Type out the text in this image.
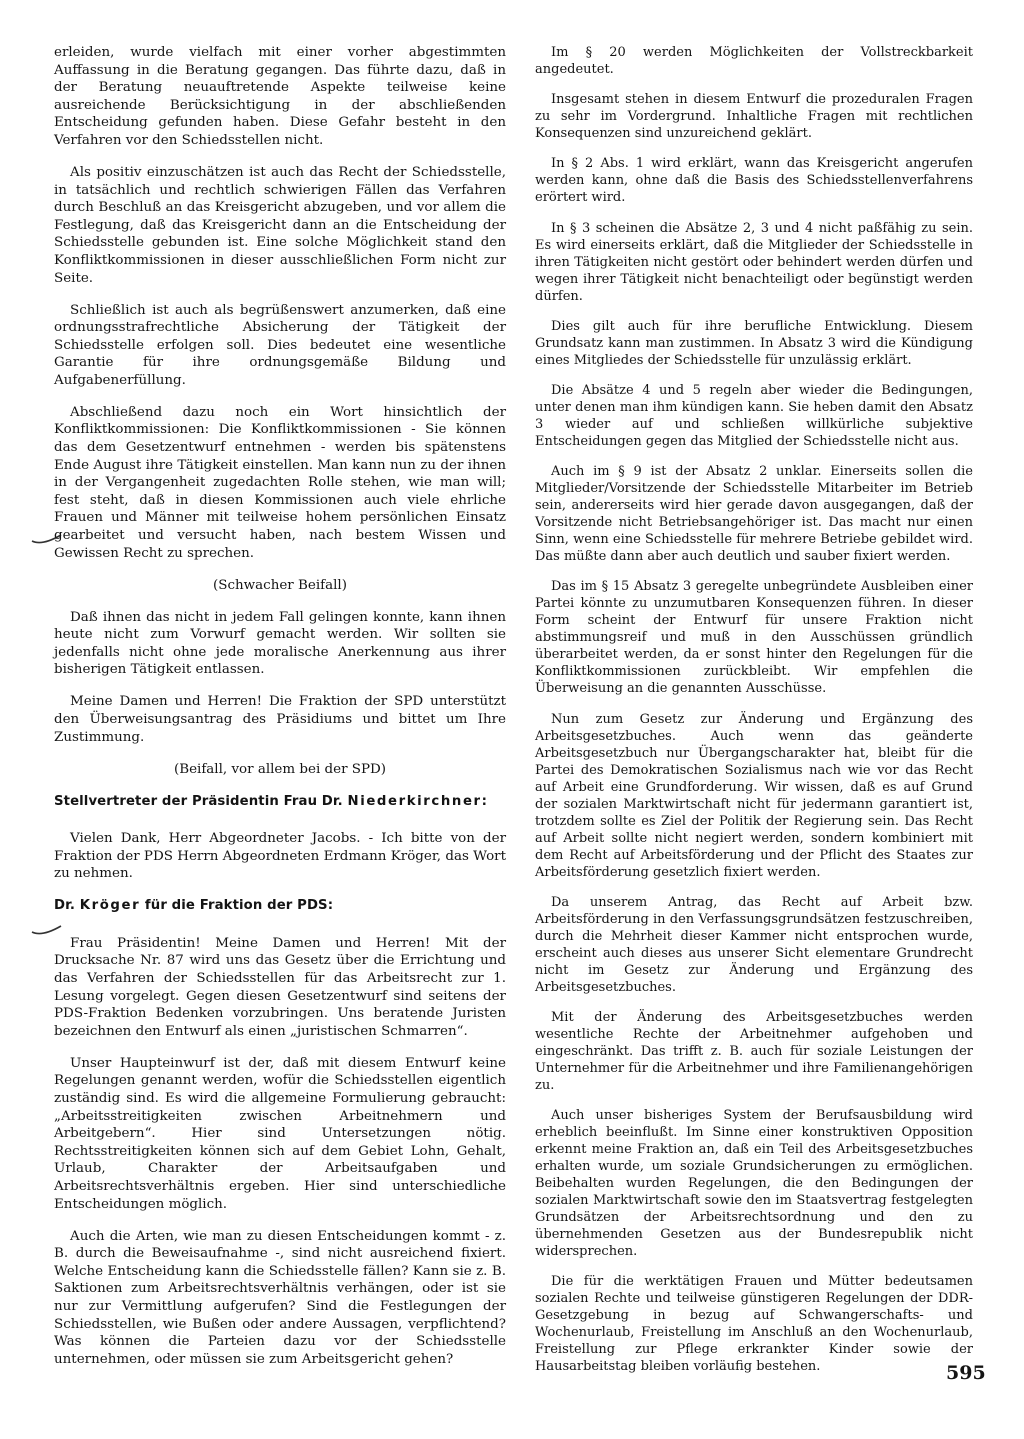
erleiden, wurde vielfach mit einer vorher abgestimmten Auffassung in die Beratung gegangen. Das führte dazu, daß in der Beratung neuauftretende Aspekte teilweise keine ausreichende Berücksichtigung in der abschließenden Entscheidung gefunden haben. Diese Gefahr besteht in den Verfahren vor den Schiedsstellen nicht.

Als positiv einzuschätzen ist auch das Recht der Schiedsstelle, in tatsächlich und rechtlich schwierigen Fällen das Verfahren durch Beschluß an das Kreisgericht abzugeben, und vor allem die Festlegung, daß das Kreisgericht dann an die Entscheidung der Schiedsstelle gebunden ist. Eine solche Möglichkeit stand den Konfliktkommissionen in dieser ausschließlichen Form nicht zur Seite.

Schließlich ist auch als begrüßenswert anzumerken, daß eine ordnungsstrafrechtliche Absicherung der Tätigkeit der Schiedsstelle erfolgen soll. Dies bedeutet eine wesentliche Garantie für ihre ordnungsgemäße Bildung und Aufgabenerfüllung.

Abschließend dazu noch ein Wort hinsichtlich der Konfliktkommissionen: Die Konfliktkommissionen - Sie können das dem Gesetzentwurf entnehmen - werden bis spätenstens Ende August ihre Tätigkeit einstellen. Man kann nun zu der ihnen in der Vergangenheit zugedachten Rolle stehen, wie man will; fest steht, daß in diesen Kommissionen auch viele ehrliche Frauen und Männer mit teilweise hohem persönlichen Einsatz gearbeitet und versucht haben, nach bestem Wissen und Gewissen Recht zu sprechen.

(Schwacher Beifall)

Daß ihnen das nicht in jedem Fall gelingen konnte, kann ihnen heute nicht zum Vorwurf gemacht werden. Wir sollten sie jedenfalls nicht ohne jede moralische Anerkennung aus ihrer bisherigen Tätigkeit entlassen.

Meine Damen und Herren! Die Fraktion der SPD unterstützt den Überweisungsantrag des Präsidiums und bittet um Ihre Zustimmung.

(Beifall, vor allem bei der SPD)

Stellvertreter der Präsidentin Frau Dr. Niederkirchner:

Vielen Dank, Herr Abgeordneter Jacobs. - Ich bitte von der Fraktion der PDS Herrn Abgeordneten Erdmann Kröger, das Wort zu nehmen.

Dr. Kröger für die Fraktion der PDS:

Frau Präsidentin! Meine Damen und Herren! Mit der Drucksache Nr. 87 wird uns das Gesetz über die Errichtung und das Verfahren der Schiedsstellen für das Arbeitsrecht zur 1. Lesung vorgelegt. Gegen diesen Gesetzentwurf sind seitens der PDS-Fraktion Bedenken vorzubringen. Uns beratende Juristen bezeichnen den Entwurf als einen „juristischen Schmarren“.

Unser Haupteinwurf ist der, daß mit diesem Entwurf keine Regelungen genannt werden, wofür die Schiedsstellen eigentlich zuständig sind. Es wird die allgemeine Formulierung gebraucht: „Arbeitsstreitigkeiten zwischen Arbeitnehmern und Arbeitgebern“. Hier sind Untersetzungen nötig. Rechtsstreitigkeiten können sich auf dem Gebiet Lohn, Gehalt, Urlaub, Charakter der Arbeitsaufgaben und Arbeitsrechtsverhältnis ergeben. Hier sind unterschiedliche Entscheidungen möglich.

Auch die Arten, wie man zu diesen Entscheidungen kommt - z. B. durch die Beweisaufnahme -, sind nicht ausreichend fixiert. Welche Entscheidung kann die Schiedsstelle fällen? Kann sie z. B. Saktionen zum Arbeitsrechtsverhältnis verhängen, oder ist sie nur zur Vermittlung aufgerufen? Sind die Festlegungen der Schiedsstellen, wie Bußen oder andere Aussagen, verpflichtend? Was können die Parteien dazu vor der Schiedsstelle unternehmen, oder müssen sie zum Arbeitsgericht gehen?

Im § 20 werden Möglichkeiten der Vollstreckbarkeit angedeutet.

Insgesamt stehen in diesem Entwurf die prozeduralen Fragen zu sehr im Vordergrund. Inhaltliche Fragen mit rechtlichen Konsequenzen sind unzureichend geklärt.

In § 2 Abs. 1 wird erklärt, wann das Kreisgericht angerufen werden kann, ohne daß die Basis des Schiedsstellenverfahrens erörtert wird.

In § 3 scheinen die Absätze 2, 3 und 4 nicht paßfähig zu sein. Es wird einerseits erklärt, daß die Mitglieder der Schiedsstelle in ihren Tätigkeiten nicht gestört oder behindert werden dürfen und wegen ihrer Tätigkeit nicht benachteiligt oder begünstigt werden dürfen.

Dies gilt auch für ihre berufliche Entwicklung. Diesem Grundsatz kann man zustimmen. In Absatz 3 wird die Kündigung eines Mitgliedes der Schiedsstelle für unzulässig erklärt.

Die Absätze 4 und 5 regeln aber wieder die Bedingungen, unter denen man ihm kündigen kann. Sie heben damit den Absatz 3 wieder auf und schließen willkürliche subjektive Entscheidungen gegen das Mitglied der Schiedsstelle nicht aus.

Auch im § 9 ist der Absatz 2 unklar. Einerseits sollen die Mitglieder/Vorsitzende der Schiedsstelle Mitarbeiter im Betrieb sein, andererseits wird hier gerade davon ausgegangen, daß der Vorsitzende nicht Betriebsangehöriger ist. Das macht nur einen Sinn, wenn eine Schiedsstelle für mehrere Betriebe gebildet wird. Das müßte dann aber auch deutlich und sauber fixiert werden.

Das im § 15 Absatz 3 geregelte unbegründete Ausbleiben einer Partei könnte zu unzumutbaren Konsequenzen führen. In dieser Form scheint der Entwurf für unsere Fraktion nicht abstimmungsreif und muß in den Ausschüssen gründlich überarbeitet werden, da er sonst hinter den Regelungen für die Konfliktkommissionen zurückbleibt. Wir empfehlen die Überweisung an die genannten Ausschüsse.

Nun zum Gesetz zur Änderung und Ergänzung des Arbeitsgesetzbuches. Auch wenn das geänderte Arbeitsgesetzbuch nur Übergangscharakter hat, bleibt für die Partei des Demokratischen Sozialismus nach wie vor das Recht auf Arbeit eine Grundforderung. Wir wissen, daß es auf Grund der sozialen Marktwirtschaft nicht für jedermann garantiert ist, trotzdem sollte es Ziel der Politik der Regierung sein. Das Recht auf Arbeit sollte nicht negiert werden, sondern kombiniert mit dem Recht auf Arbeitsförderung und der Pflicht des Staates zur Arbeitsförderung gesetzlich fixiert werden.

Da unserem Antrag, das Recht auf Arbeit bzw. Arbeitsförderung in den Verfassungsgrundsätzen festzuschreiben, durch die Mehrheit dieser Kammer nicht entsprochen wurde, erscheint auch dieses aus unserer Sicht elementare Grundrecht nicht im Gesetz zur Änderung und Ergänzung des Arbeitsgesetzbuches.

Mit der Änderung des Arbeitsgesetzbuches werden wesentliche Rechte der Arbeitnehmer aufgehoben und eingeschränkt. Das trifft z. B. auch für soziale Leistungen der Unternehmer für die Arbeitnehmer und ihre Familienangehörigen zu.

Auch unser bisheriges System der Berufsausbildung wird erheblich beeinflußt. Im Sinne einer konstruktiven Opposition erkennt meine Fraktion an, daß ein Teil des Arbeitsgesetzbuches erhalten wurde, um soziale Grundsicherungen zu ermöglichen. Beibehalten wurden Regelungen, die den Bedingungen der sozialen Marktwirtschaft sowie den im Staatsvertrag festgelegten Grundsätzen der Arbeitsrechtsordnung und den zu übernehmenden Gesetzen aus der Bundesrepublik nicht widersprechen.

Die für die werktätigen Frauen und Mütter bedeutsamen sozialen Rechte und teilweise günstigeren Regelungen der DDR-Gesetzgebung in bezug auf Schwangerschafts- und Wochenurlaub, Freistellung im Anschluß an den Wochenurlaub, Freistellung zur Pflege erkrankter Kinder sowie der Hausarbeitstag bleiben vorläufig bestehen.	595
